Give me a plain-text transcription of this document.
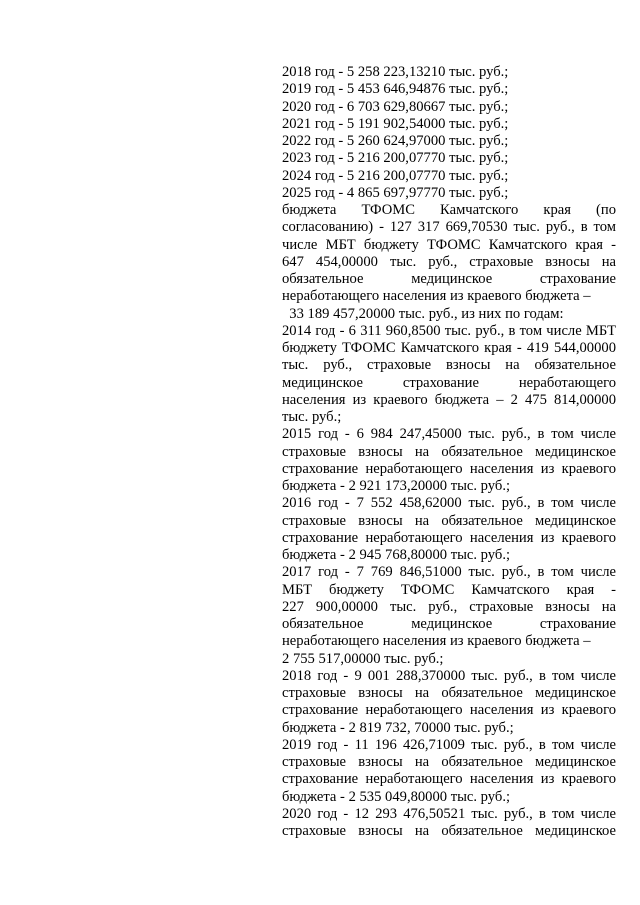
2018 год - 5 258 223,13210 тыс. руб.;
2019 год - 5 453 646,94876 тыс. руб.;
2020 год - 6 703 629,80667 тыс. руб.;
2021 год - 5 191 902,54000 тыс. руб.;
2022 год - 5 260 624,97000 тыс. руб.;
2023 год - 5 216 200,07770 тыс. руб.;
2024 год - 5 216 200,07770 тыс. руб.;
2025 год - 4 865 697,97770 тыс. руб.;
бюджета ТФОМС Камчатского края (по
согласованию) - 127 317 669,70530 тыс. руб., в том
числе МБТ бюджету ТФОМС Камчатского края -
647 454,00000 тыс. руб., страховые взносы на
обязательное медицинское страхование
неработающего населения из краевого бюджета –
33 189 457,20000 тыс. руб., из них по годам:
2014 год - 6 311 960,8500 тыс. руб., в том числе МБТ
бюджету ТФОМС Камчатского края - 419 544,00000
тыс. руб., страховые взносы на обязательное
медицинское страхование неработающего
населения из краевого бюджета – 2 475 814,00000
тыс. руб.;
2015 год - 6 984 247,45000 тыс. руб., в том числе
страховые взносы на обязательное медицинское
страхование неработающего населения из краевого
бюджета - 2 921 173,20000 тыс. руб.;
2016 год - 7 552 458,62000 тыс. руб., в том числе
страховые взносы на обязательное медицинское
страхование неработающего населения из краевого
бюджета - 2 945 768,80000 тыс. руб.;
2017 год - 7 769 846,51000 тыс. руб., в том числе
МБТ бюджету ТФОМС Камчатского края -
227 900,00000 тыс. руб., страховые взносы на
обязательное медицинское страхование
неработающего населения из краевого бюджета –
2 755 517,00000 тыс. руб.;
2018 год - 9 001 288,370000 тыс. руб., в том числе
страховые взносы на обязательное медицинское
страхование неработающего населения из краевого
бюджета - 2 819 732, 70000 тыс. руб.;
2019 год - 11 196 426,71009 тыс. руб., в том числе
страховые взносы на обязательное медицинское
страхование неработающего населения из краевого
бюджета - 2 535 049,80000 тыс. руб.;
2020 год - 12 293 476,50521 тыс. руб., в том числе
страховые взносы на обязательное медицинское
